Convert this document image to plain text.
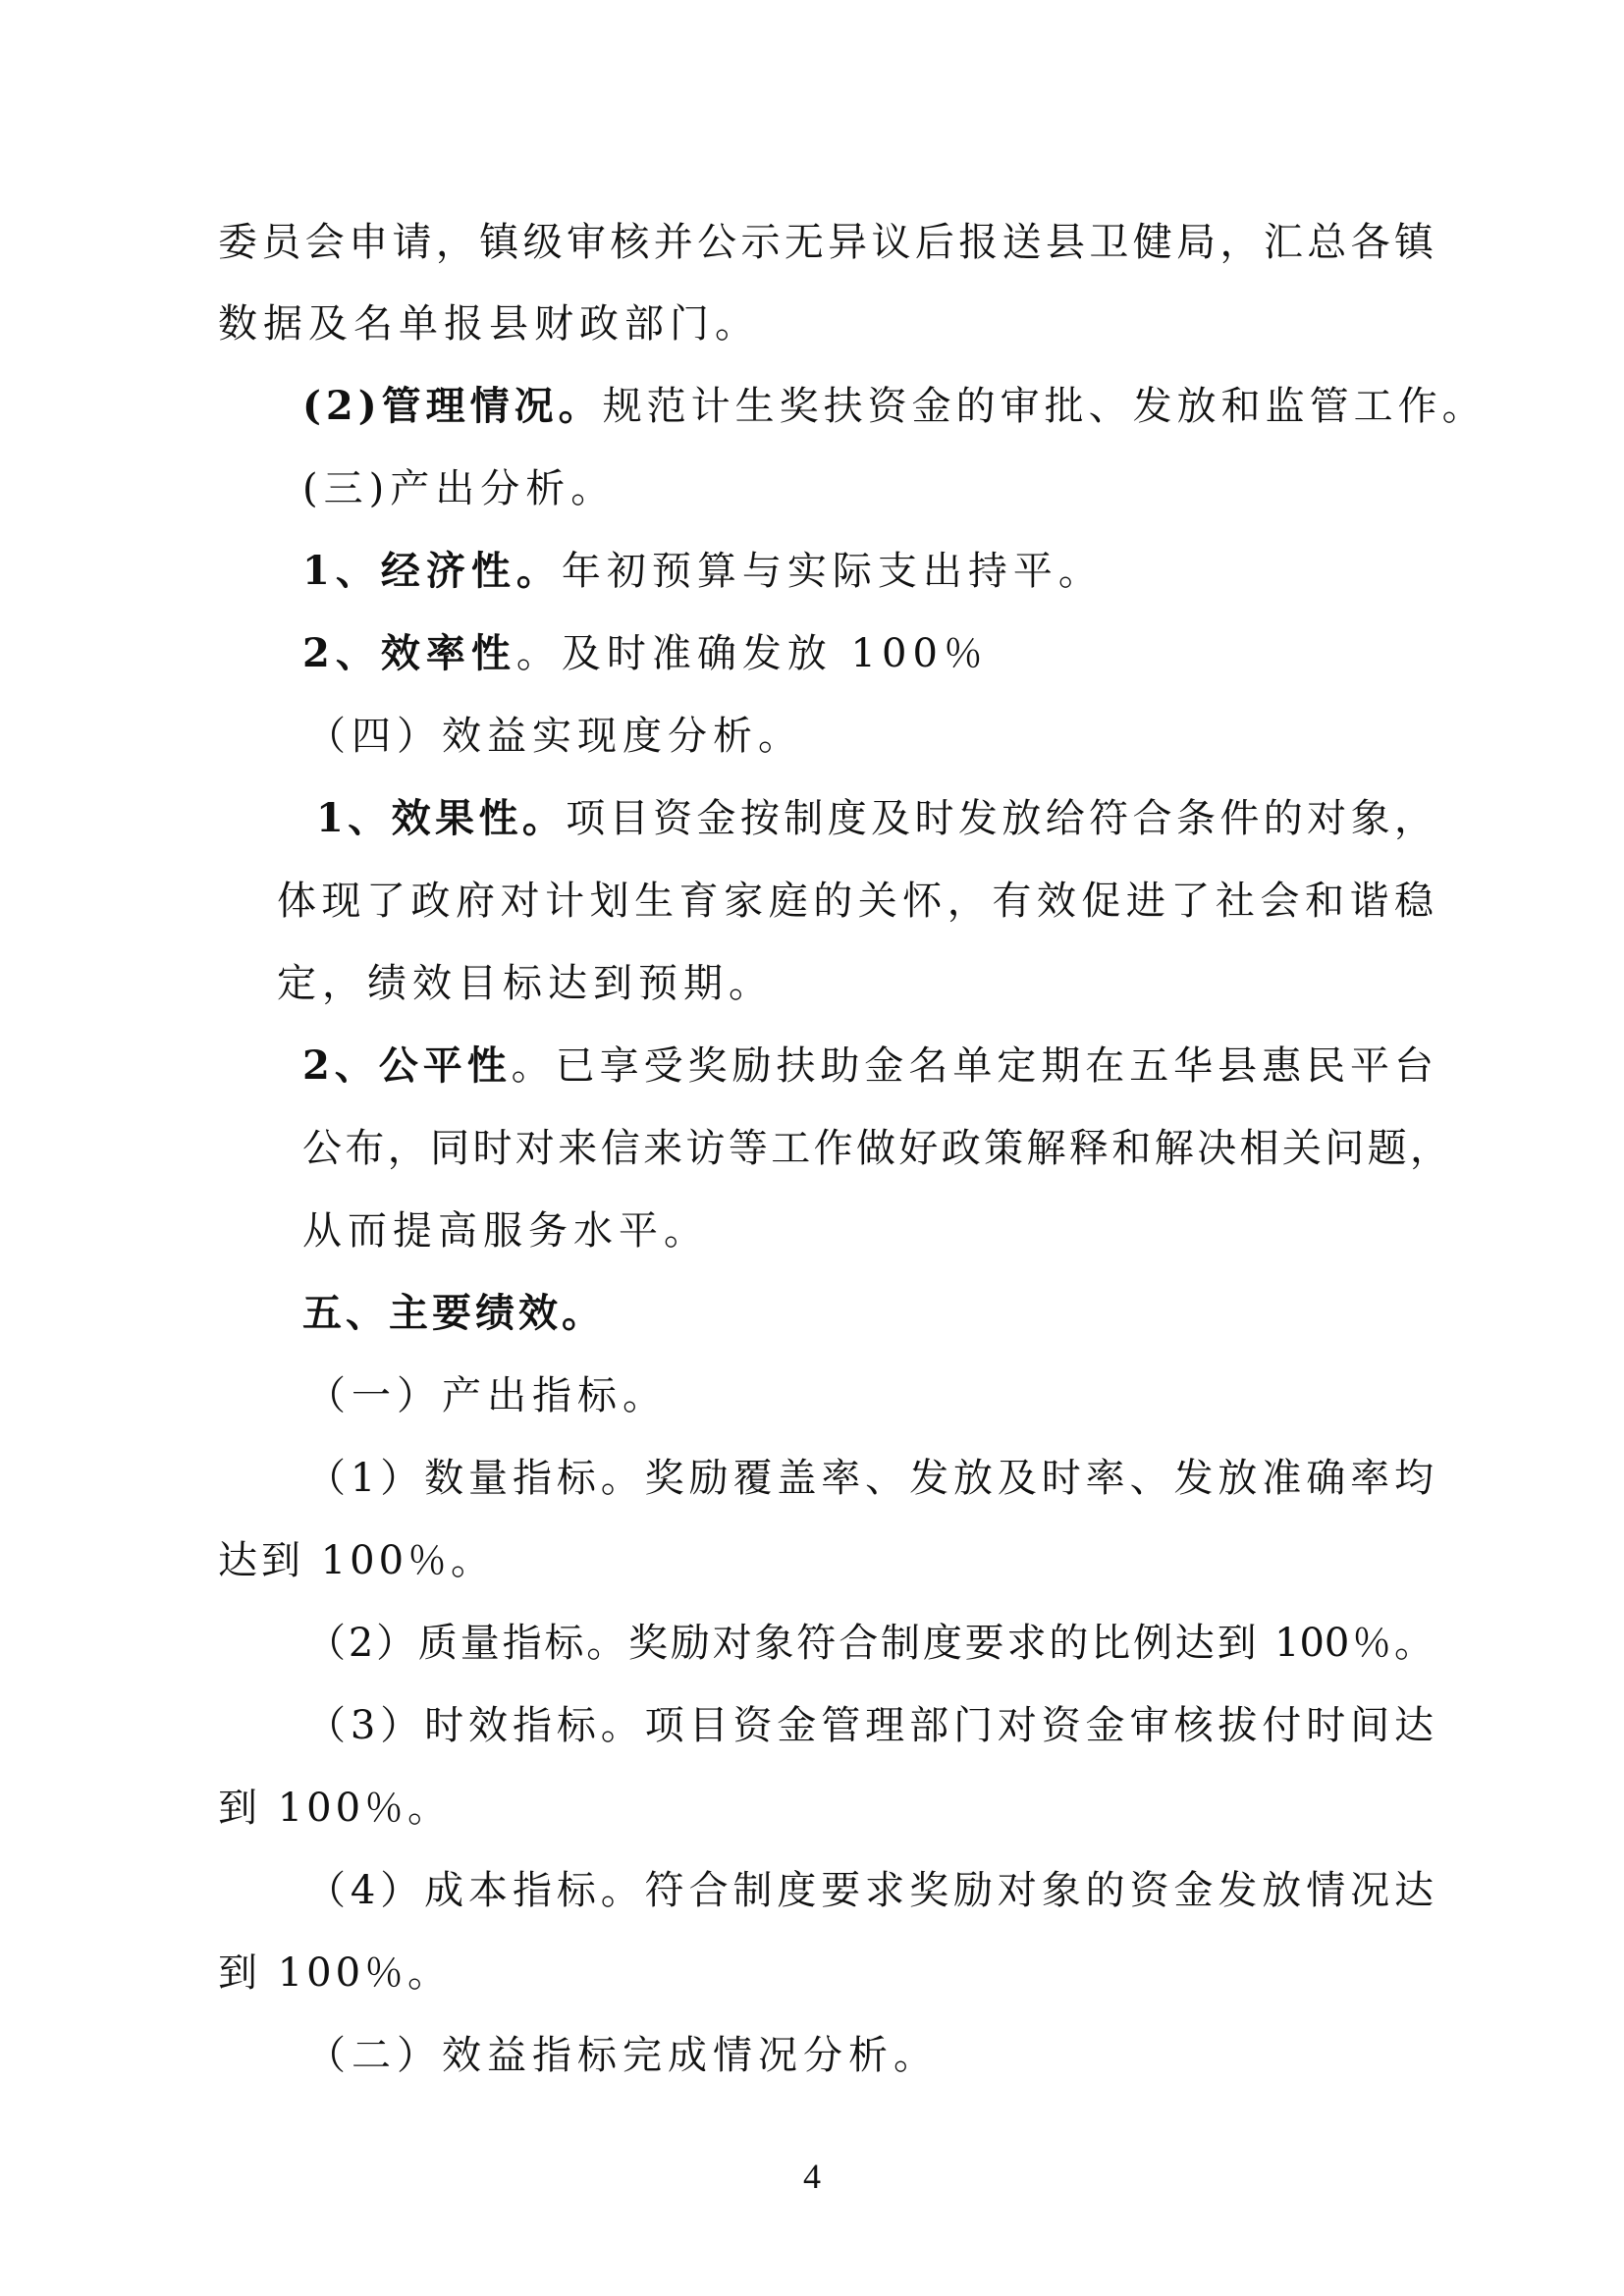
委员会申请，镇级审核并公示无异议后报送县卫健局，汇总各镇
数据及名单报县财政部门。
(2)管理情况。规范计生奖扶资金的审批、发放和监管工作。
(三)产出分析。
1、经济性。年初预算与实际支出持平。
2、效率性。及时准确发放 100％
（四）效益实现度分析。
1、效果性。项目资金按制度及时发放给符合条件的对象，
体现了政府对计划生育家庭的关怀，有效促进了社会和谐稳
定，绩效目标达到预期。
2、公平性。已享受奖励扶助金名单定期在五华县惠民平台
公布，同时对来信来访等工作做好政策解释和解决相关问题，
从而提高服务水平。
五、主要绩效。
（一）产出指标。
（1）数量指标。奖励覆盖率、发放及时率、发放准确率均
达到 100％。
（2）质量指标。奖励对象符合制度要求的比例达到 100％。
（3）时效指标。项目资金管理部门对资金审核拔付时间达
到 100％。
（4）成本指标。符合制度要求奖励对象的资金发放情况达
到 100％。
（二）效益指标完成情况分析。
4
